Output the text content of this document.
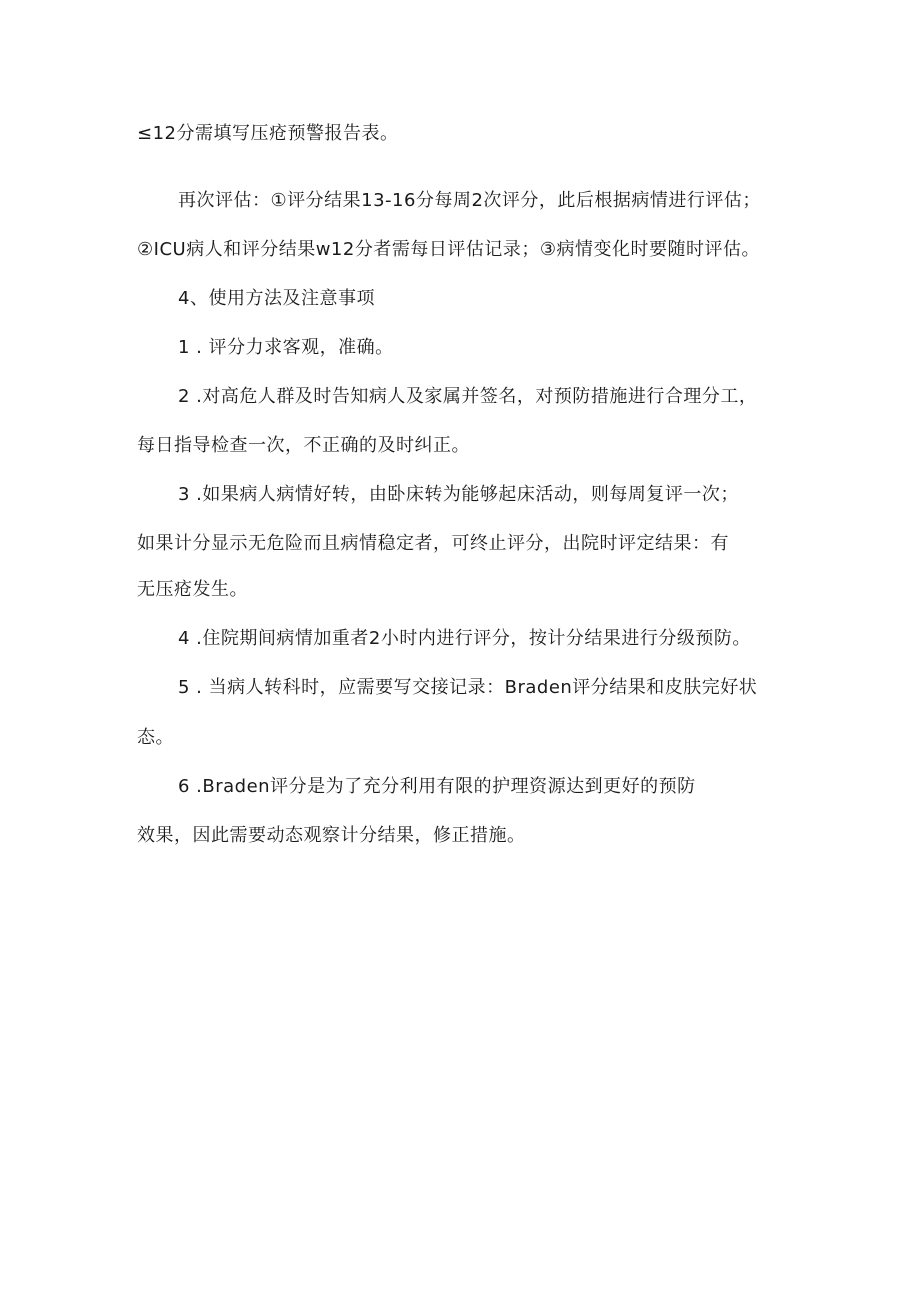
≤12分需填写压疮预警报告表。
再次评估：①评分结果13-16分每周2次评分，此后根据病情进行评估；
②ICU病人和评分结果w12分者需每日评估记录；③病情变化时要随时评估。
4、使用方法及注意事项
1 . 评分力求客观，准确。
2 .对高危人群及时告知病人及家属并签名，对预防措施进行合理分工，
每日指导检查一次，不正确的及时纠正。
3 .如果病人病情好转，由卧床转为能够起床活动，则每周复评一次；
如果计分显示无危险而且病情稳定者，可终止评分，出院时评定结果：有
无压疮发生。
4 .住院期间病情加重者2小时内进行评分，按计分结果进行分级预防。
5 . 当病人转科时，应需要写交接记录：Braden评分结果和皮肤完好状
态。
6 .Braden评分是为了充分利用有限的护理资源达到更好的预防
效果，因此需要动态观察计分结果，修正措施。
